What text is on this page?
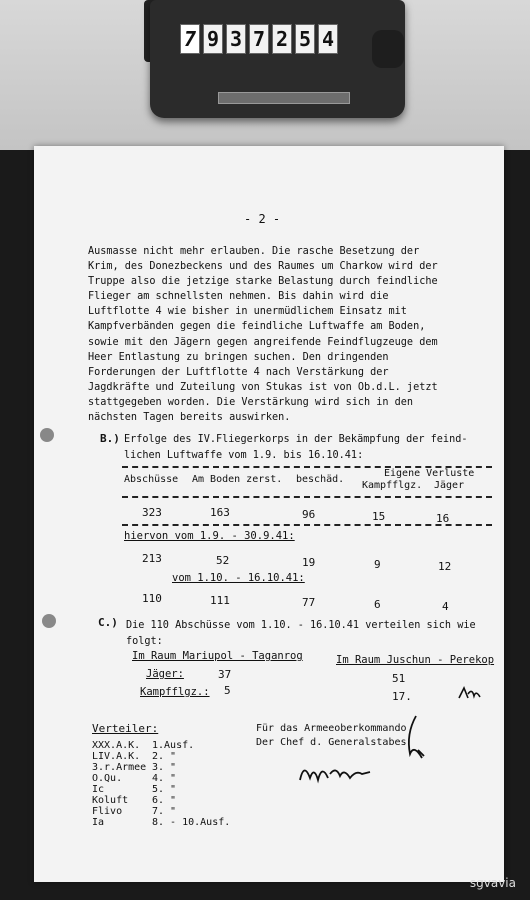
7 9 3 7 2 5 4
- 2 -

Ausmasse nicht mehr erlauben. Die rasche Besetzung der Krim, des Donezbeckens und des Raumes um Charkow wird der Truppe also die jetzige starke Belastung durch feindliche Flieger am schnellsten nehmen. Bis dahin wird die Luftflotte 4 wie bisher in unermüdlichem Einsatz mit Kampfverbänden gegen die feindliche Luftwaffe am Boden, sowie mit den Jägern gegen angreifende Feindflugzeuge dem Heer Entlastung zu bringen suchen. Den dringenden Forderungen der Luftflotte 4 nach Verstärkung der Jagdkräfte und Zuteilung von Stukas ist von Ob.d.L. jetzt stattgegeben worden. Die Verstärkung wird sich in den nächsten Tagen bereits auswirken.

B.) Erfolge des IV.Fliegerkorps in der Bekämpfung der feind-
lichen Luftwaffe vom 1.9. bis 16.10.41:
Abschüsse Am Boden zerst. beschäd.
Eigene Verluste
Kampfflgz. Jäger
323	163	96	15	16
hiervon vom 1.9. - 30.9.41:
213	52	19	9	12
vom 1.10. - 16.10.41:
110	111	77	6	4
C.) Die 110 Abschüsse vom 1.10. - 16.10.41 verteilen sich wie
folgt:
Im Raum Mariupol - Taganrog	Im Raum Juschun - Perekop
Jäger:	37	51
Kampfflgz.: 5	17.
Verteiler:
XXX.A.K.	1.Ausf.
LIV.A.K.	2. "
3.r.Armee 3. "
O.Qu.	4. "
Ic	5. "
Koluft	6. "
Flivo	7. "
Ia	8. - 10.Ausf.
Für das Armeeoberkommando
Der Chef d. Generalstabes
sgvavia
